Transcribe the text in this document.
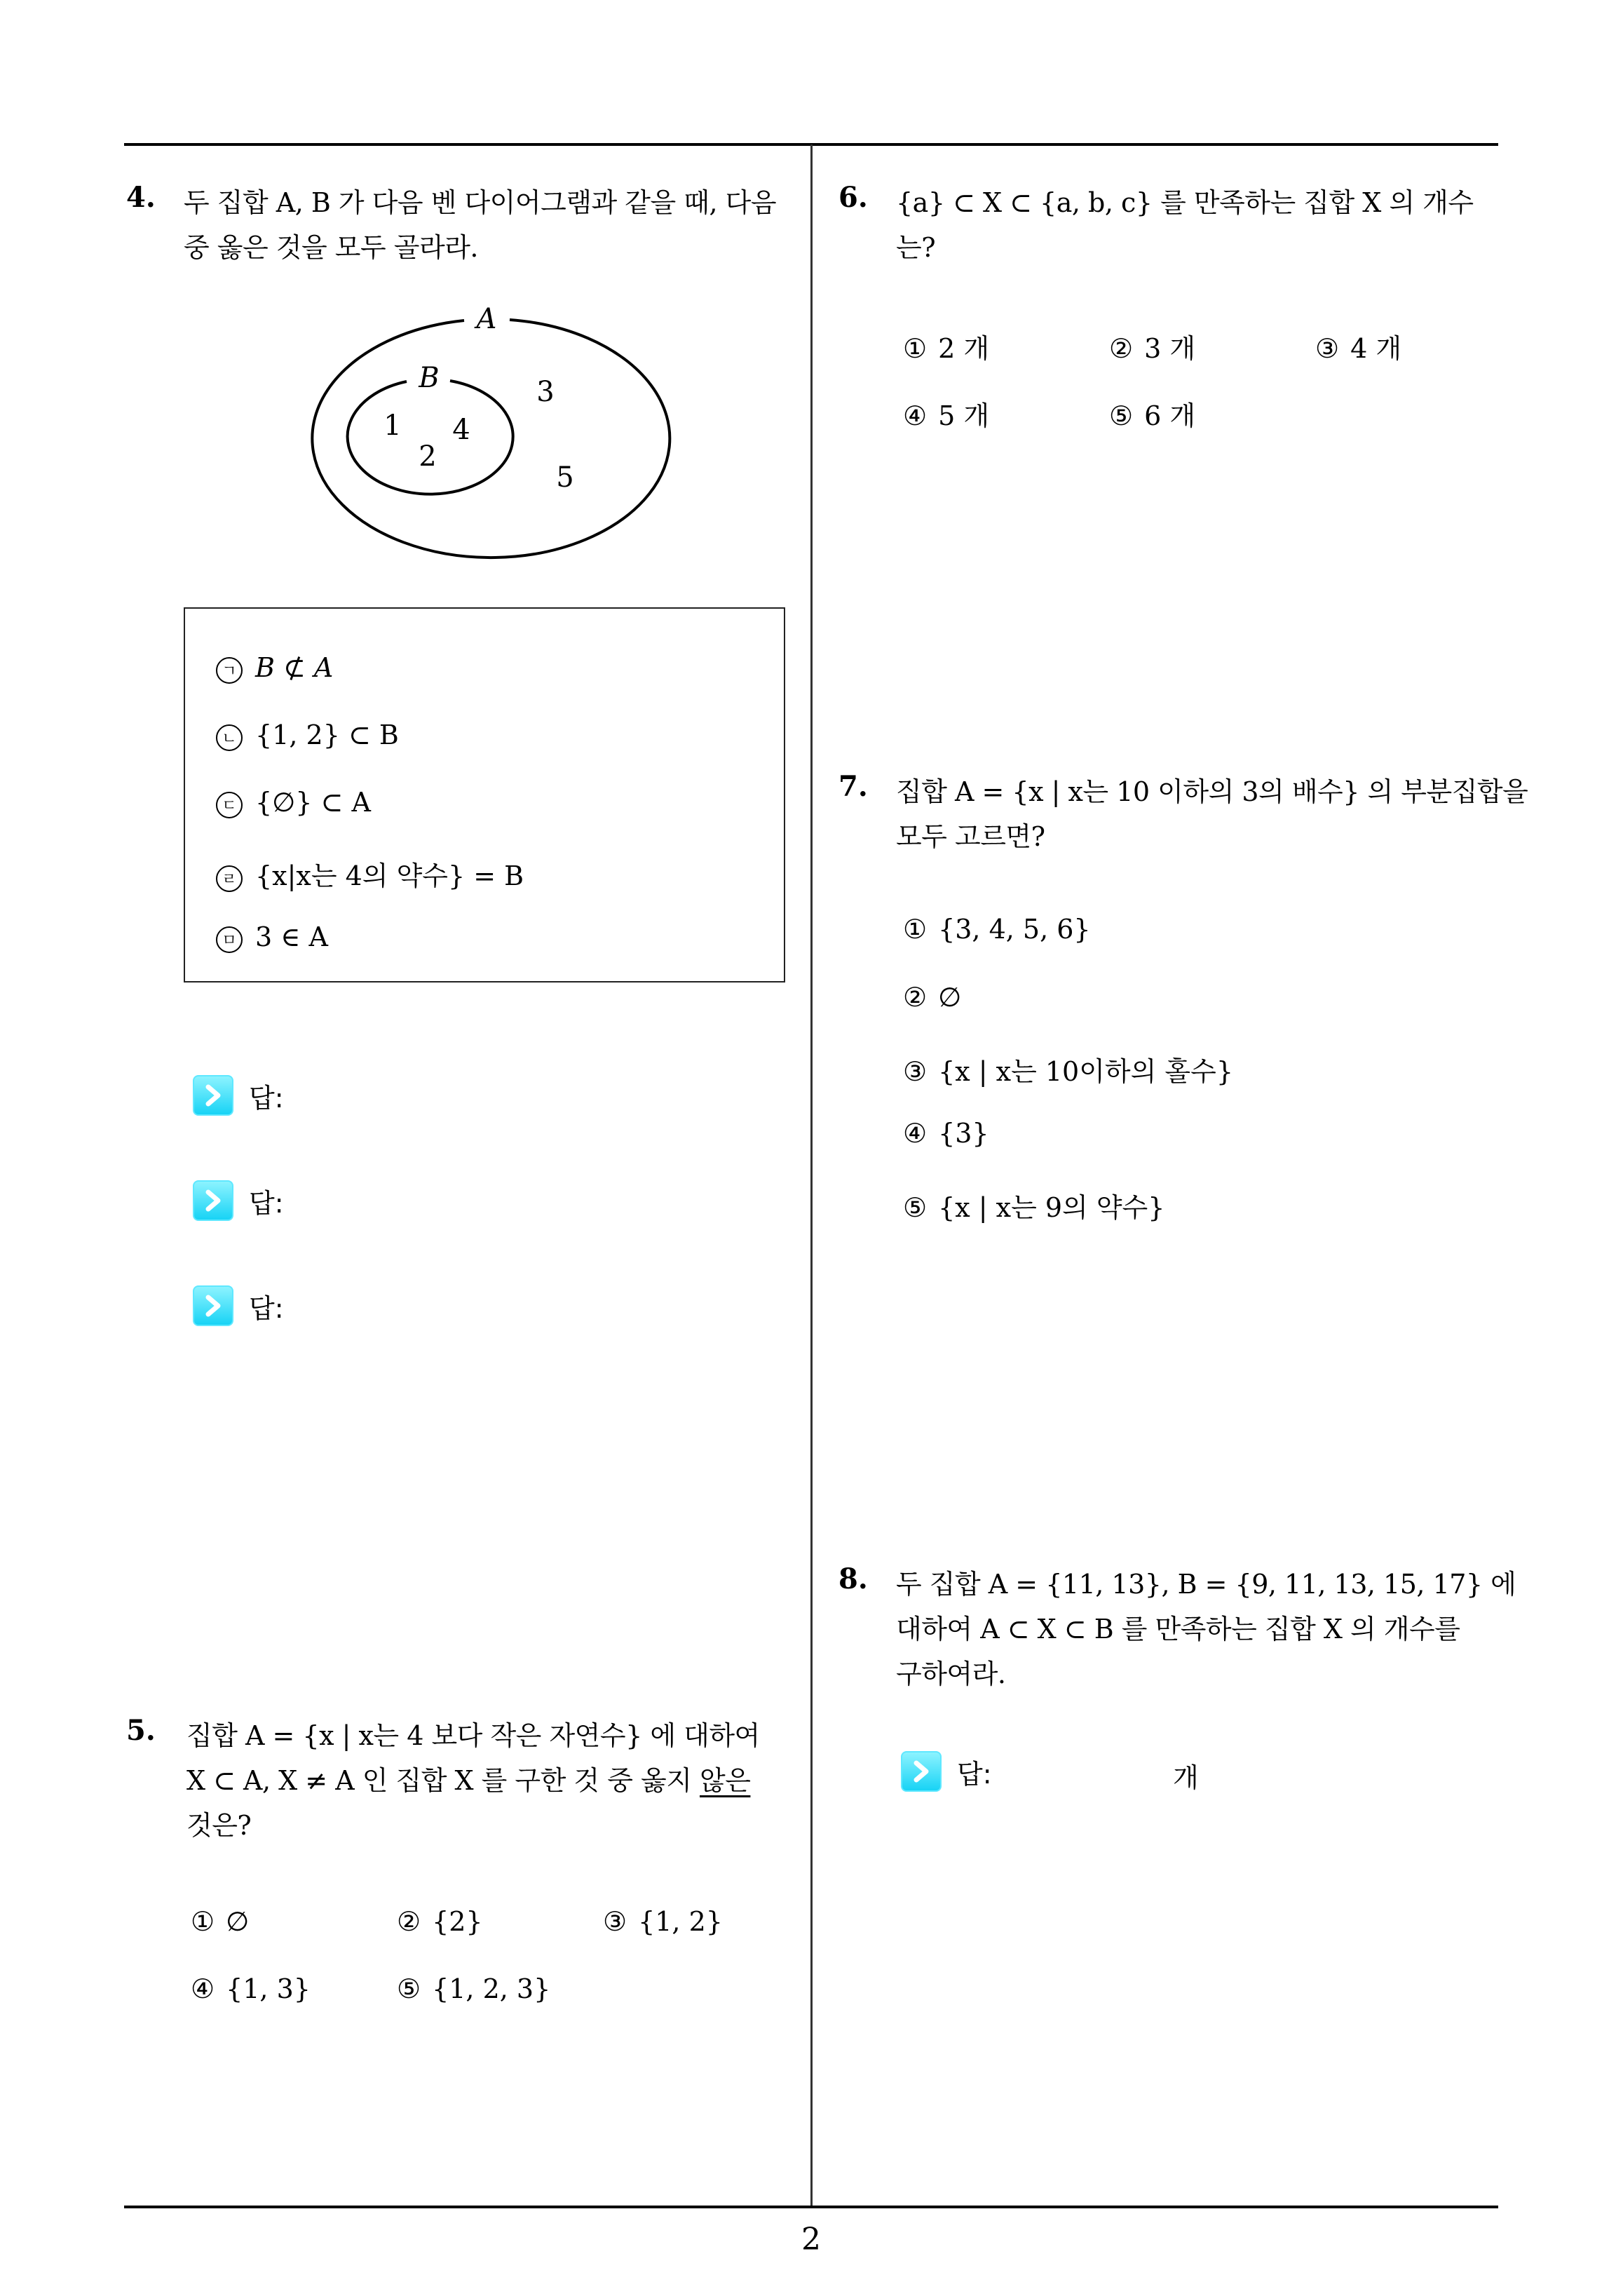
2
4. 두 집합 A, B 가 다음 벤 다이어그램과 같을 때, 다음
중 옳은 것을 모두 골라라.
A
B
1
2
4
3
5
ㄱ B ⊄ A
ㄴ {1, 2} ⊂ B
ㄷ {∅} ⊂ A
ㄹ {x|x는 4의 약수} = B
ㅁ 3 ∈ A
답:
답:
답:
5. 집합 A = {x | x는 4 보다 작은 자연수} 에 대하여
X ⊂ A, X ≠ A 인 집합 X 를 구한 것 중 옳지 않은
것은?
① ∅	② {2}	③ {1, 2}
④ {1, 3}	⑤ {1, 2, 3}
6. {a} ⊂ X ⊂ {a, b, c} 를 만족하는 집합 X 의 개수
는?
① 2 개	② 3 개	③ 4 개
④ 5 개	⑤ 6 개
7. 집합 A = {x | x는 10 이하의 3의 배수} 의 부분집합을
모두 고르면?
① {3, 4, 5, 6}
② ∅
③ {x | x는 10이하의 홀수}
④ {3}
⑤ {x | x는 9의 약수}
8. 두 집합 A = {11, 13}, B = {9, 11, 13, 15, 17} 에
대하여 A ⊂ X ⊂ B 를 만족하는 집합 X 의 개수를
구하여라.
답:	개
